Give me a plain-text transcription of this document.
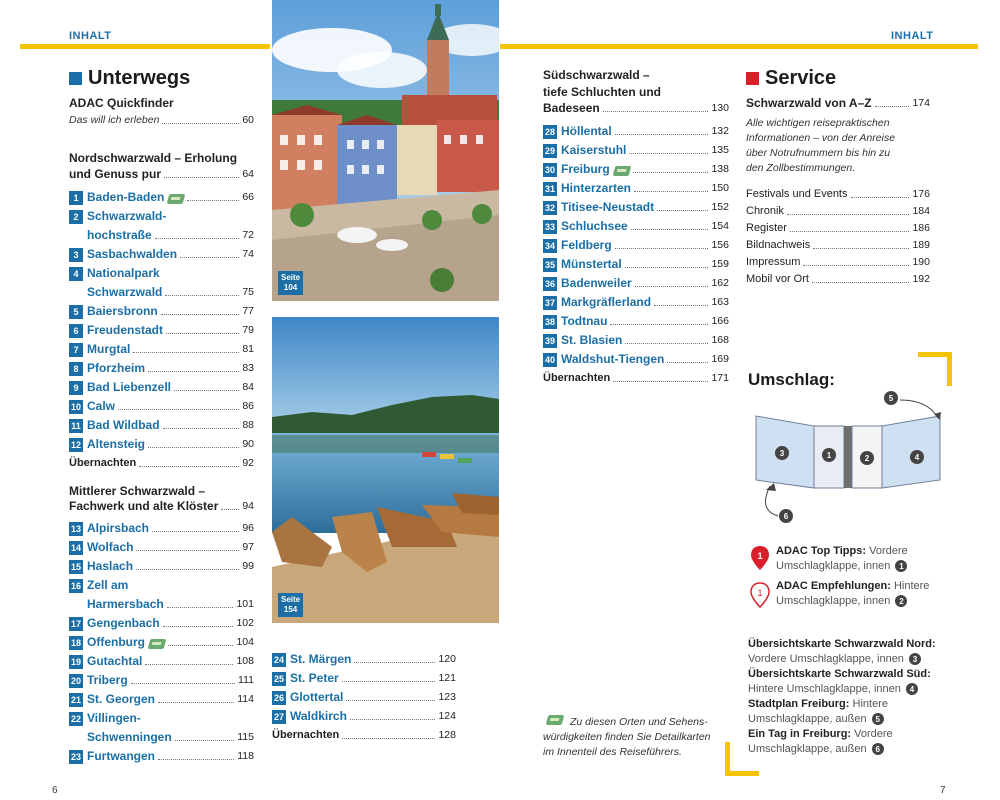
INHALT	INHALT
Unterwegs
ADAC Quickfinder
Das will ich erleben	60
Nordschwarzwald – Erholung
und Genuss pur	64
1 Baden-Baden	66
2 Schwarzwald-
hochstraße	72
3 Sasbachwalden	74
4 Nationalpark
Schwarzwald	75
5 Baiersbronn	77
6 Freudenstadt	79
7 Murgtal	81
8 Pforzheim	83
9 Bad Liebenzell	84
10 Calw	86
11 Bad Wildbad	88
12 Altensteig	90
Übernachten	92
13 Alpirsbach	96
14 Wolfach	97
15 Haslach	99
16 Zell am
Harmersbach	101
17 Gengenbach	102
18 Offenburg	104
19 Gutachtal	108
20 Triberg	111
21 St. Georgen	114
22 Villingen-
Schwenningen	115
23 Furtwangen	118
24 St. Märgen	120
25 St. Peter	121
26 Glottertal	123
27 Waldkirch	124
Übernachten	128
28 Höllental	132
29 Kaiserstuhl	135
30 Freiburg	138
31 Hinterzarten	150
32 Titisee-Neustadt	152
33 Schluchsee	154
34 Feldberg	156
35 Münstertal	159
36 Badenweiler	162
37 Markgräflerland	163
38 Todtnau	166
39 St. Blasien	168
40 Waldshut-Tiengen	169
Übernachten	171
Mittlerer Schwarzwald –
Fachwerk und alte Klöster 94
Seite
104
Seite
154
Südschwarzwald –
tiefe Schluchten und
Badeseen	130
Service
Schwarzwald von A–Z	174
Alle wichtigen reisepraktischen
Informationen – von der Anreise
über Notrufnummern bis hin zu
den Zollbestimmungen.
Festivals und Events	176
Chronik	184
Register	186
Bildnachweis	189
Impressum	190
Mobil vor Ort	192
Umschlag:
3	1	2	4
5
6
1 ADAC Top Tipps: Vordere
Umschlagklappe, innen 1
1
ADAC Empfehlungen: Hintere
Umschlagklappe, innen 2
Übersichtskarte Schwarzwald Nord:
Vordere Umschlagklappe, innen 3
Übersichtskarte Schwarzwald Süd:
Hintere Umschlagklappe, innen 4
Stadtplan Freiburg: Hintere
Umschlagklappe, außen 5
Ein Tag in Freiburg: Vordere
Umschlagklappe, außen 6
Zu diesen Orten und Sehens-
würdigkeiten finden Sie Detailkarten
im Innenteil des Reiseführers.
6	7
